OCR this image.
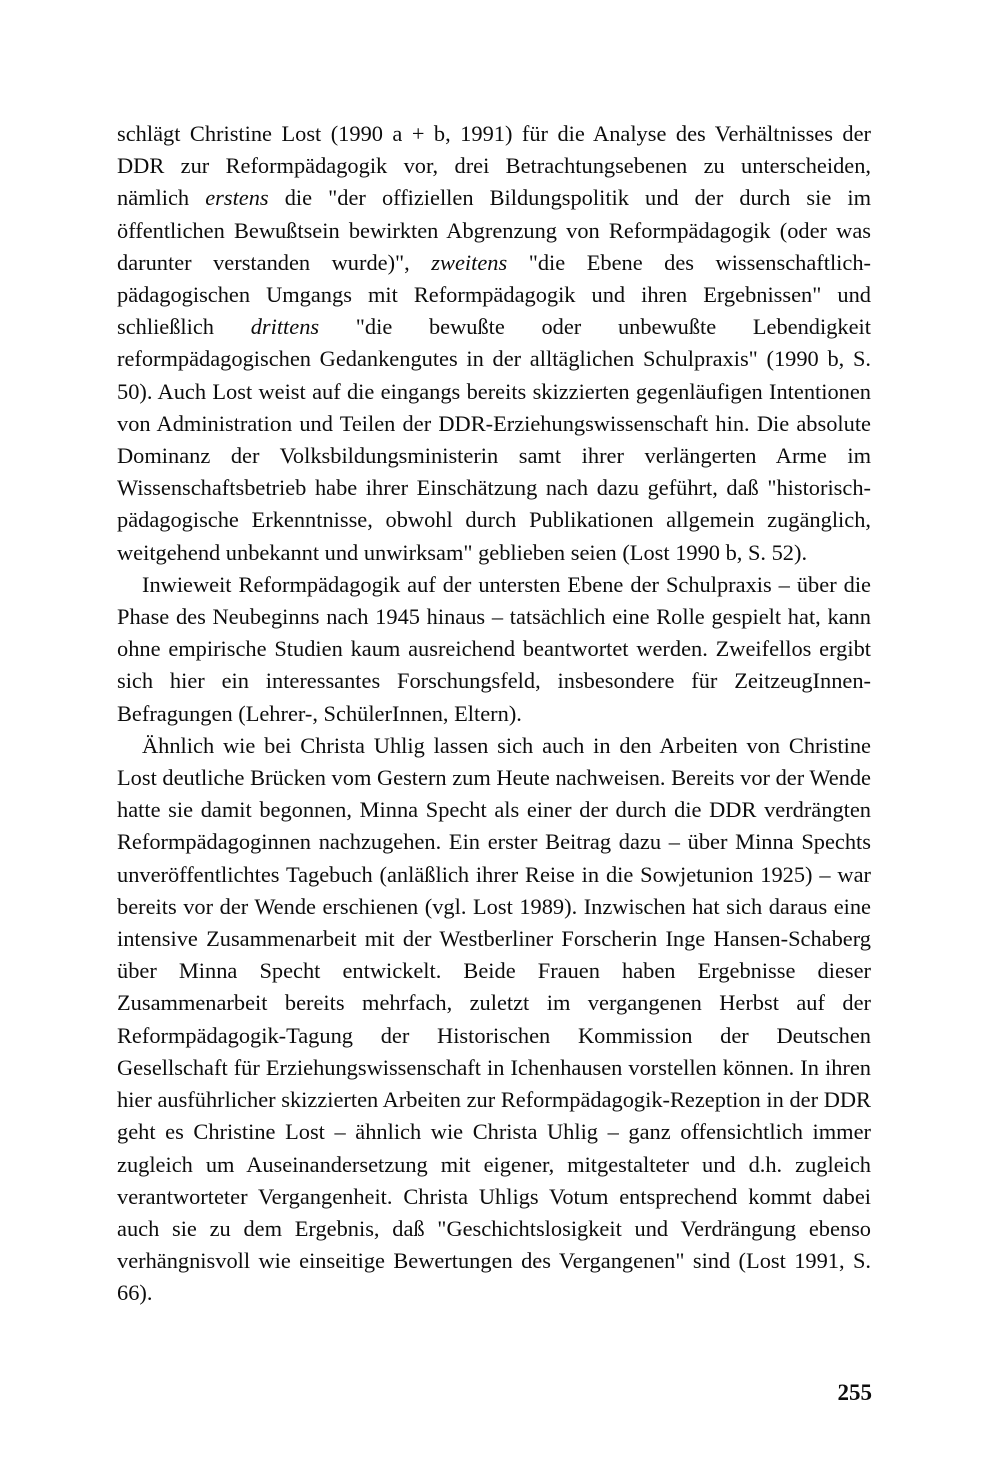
schlägt Christine Lost (1990 a + b, 1991) für die Analyse des Verhältnisses der DDR zur Reformpädagogik vor, drei Betrachtungsebenen zu unterscheiden, nämlich erstens die "der offiziellen Bildungspolitik und der durch sie im öffentlichen Bewußtsein bewirkten Abgrenzung von Reformpädagogik (oder was darunter verstanden wurde)", zweitens "die Ebene des wissenschaftlich-pädagogischen Umgangs mit Reformpädagogik und ihren Ergebnissen" und schließlich drittens "die bewußte oder unbewußte Lebendigkeit reformpädagogischen Gedankengutes in der alltäglichen Schulpraxis" (1990 b, S. 50). Auch Lost weist auf die eingangs bereits skizzierten gegenläufigen Intentionen von Administration und Teilen der DDR-Erziehungswissenschaft hin. Die absolute Dominanz der Volksbildungsministerin samt ihrer verlängerten Arme im Wissenschaftsbetrieb habe ihrer Einschätzung nach dazu geführt, daß "historisch-pädagogische Erkenntnisse, obwohl durch Publikationen allgemein zugänglich, weitgehend unbekannt und unwirksam" geblieben seien (Lost 1990 b, S. 52).

Inwieweit Reformpädagogik auf der untersten Ebene der Schulpraxis – über die Phase des Neubeginns nach 1945 hinaus – tatsächlich eine Rolle gespielt hat, kann ohne empirische Studien kaum ausreichend beantwortet werden. Zweifellos ergibt sich hier ein interessantes Forschungsfeld, insbesondere für ZeitzeugInnen-Befragungen (Lehrer-, SchülerInnen, Eltern).

Ähnlich wie bei Christa Uhlig lassen sich auch in den Arbeiten von Christine Lost deutliche Brücken vom Gestern zum Heute nachweisen. Bereits vor der Wende hatte sie damit begonnen, Minna Specht als einer der durch die DDR verdrängten Reformpädagoginnen nachzugehen. Ein erster Beitrag dazu – über Minna Spechts unveröffentlichtes Tagebuch (anläßlich ihrer Reise in die Sowjetunion 1925) – war bereits vor der Wende erschienen (vgl. Lost 1989). Inzwischen hat sich daraus eine intensive Zusammenarbeit mit der Westberliner Forscherin Inge Hansen-Schaberg über Minna Specht entwickelt. Beide Frauen haben Ergebnisse dieser Zusammenarbeit bereits mehrfach, zuletzt im vergangenen Herbst auf der Reformpädagogik-Tagung der Historischen Kommission der Deutschen Gesellschaft für Erziehungswissenschaft in Ichenhausen vorstellen können. In ihren hier ausführlicher skizzierten Arbeiten zur Reformpädagogik-Rezeption in der DDR geht es Christine Lost – ähnlich wie Christa Uhlig – ganz offensichtlich immer zugleich um Auseinandersetzung mit eigener, mitgestalteter und d.h. zugleich verantworteter Vergangenheit. Christa Uhligs Votum entsprechend kommt dabei auch sie zu dem Ergebnis, daß "Geschichtslosigkeit und Verdrängung ebenso verhängnisvoll wie einseitige Bewertungen des Vergangenen" sind (Lost 1991, S. 66).

255
